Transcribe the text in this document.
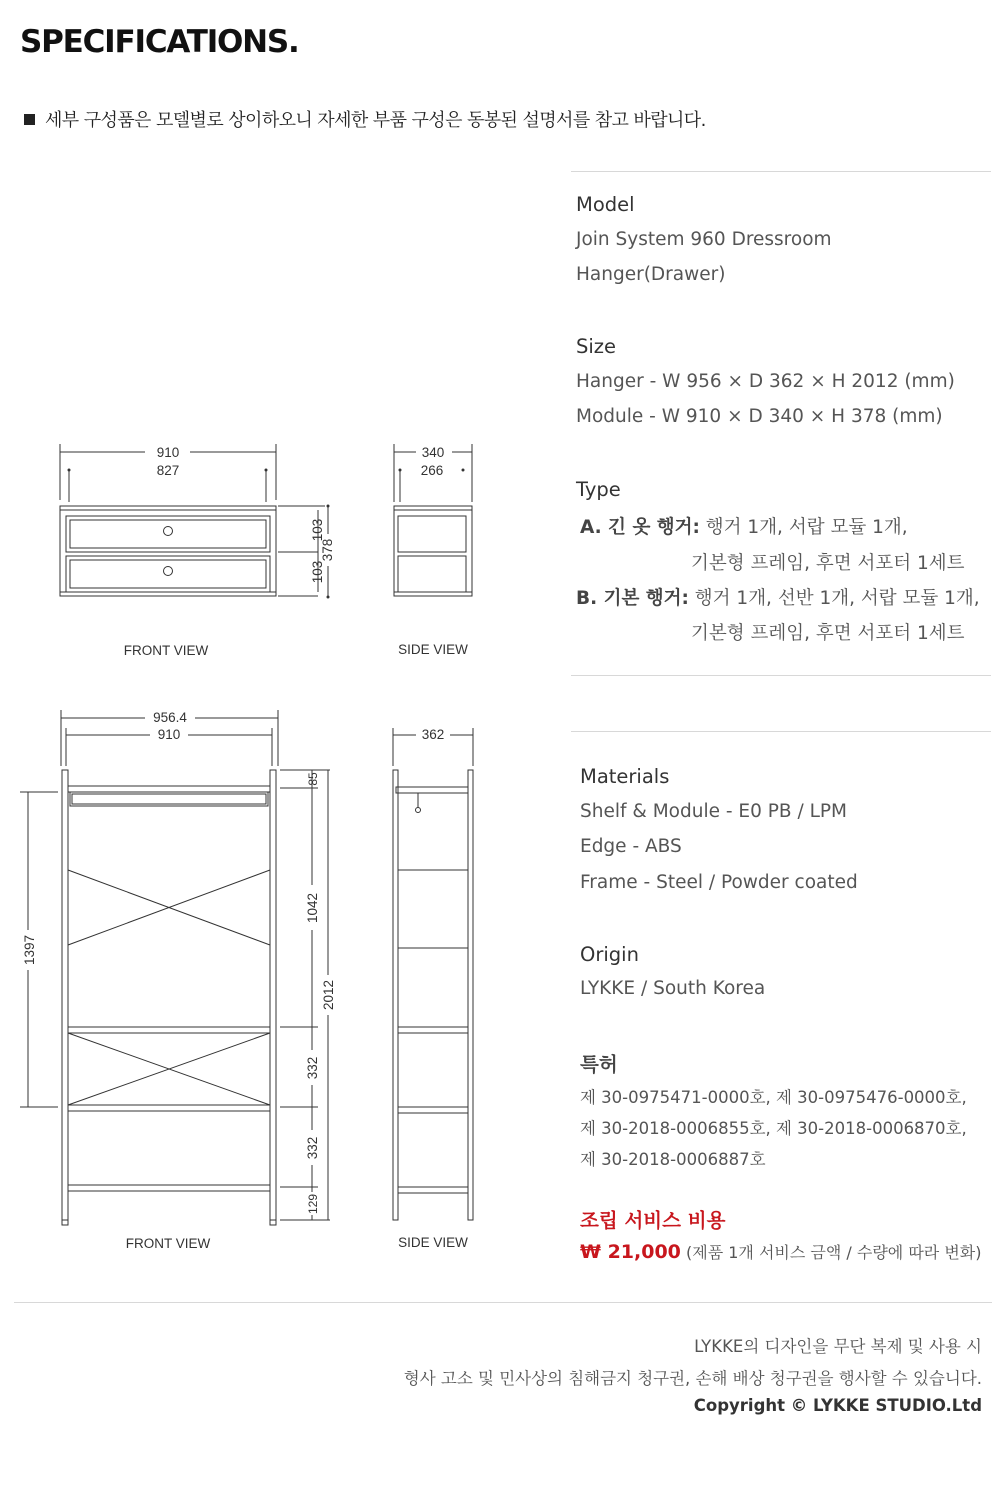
SPECIFICATIONS.
세부 구성품은 모델별로 상이하오니 자세한 부품 구성은 동봉된 설명서를 참고 바랍니다.
910
827
340
266
103
103
378
FRONT VIEW	SIDE VIEW
956.4
910	362
1397
85
1042
2012
332
332
129
FRONT VIEW	SIDE VIEW
Model
Join System 960 Dressroom
Hanger(Drawer)
Size
Hanger - W 956 × D 362 × H 2012 (mm)
Module - W 910 × D 340 × H 378 (mm)
Type
A. 긴 옷 행거: 행거 1개, 서랍 모듈 1개,
기본형 프레임, 후면 서포터 1세트
B. 기본 행거: 행거 1개, 선반 1개, 서랍 모듈 1개,
기본형 프레임, 후면 서포터 1세트
Materials
Shelf & Module - E0 PB / LPM
Edge - ABS
Frame - Steel / Powder coated
Origin
LYKKE / South Korea
특허
제 30-0975471-0000호, 제 30-0975476-0000호,
제 30-2018-0006855호, 제 30-2018-0006870호,
제 30-2018-0006887호
조립 서비스 비용
₩ 21,000 (제품 1개 서비스 금액 / 수량에 따라 변화)
LYKKE의 디자인을 무단 복제 및 사용 시
형사 고소 및 민사상의 침해금지 청구권, 손해 배상 청구권을 행사할 수 있습니다.
Copyright © LYKKE STUDIO.Ltd
